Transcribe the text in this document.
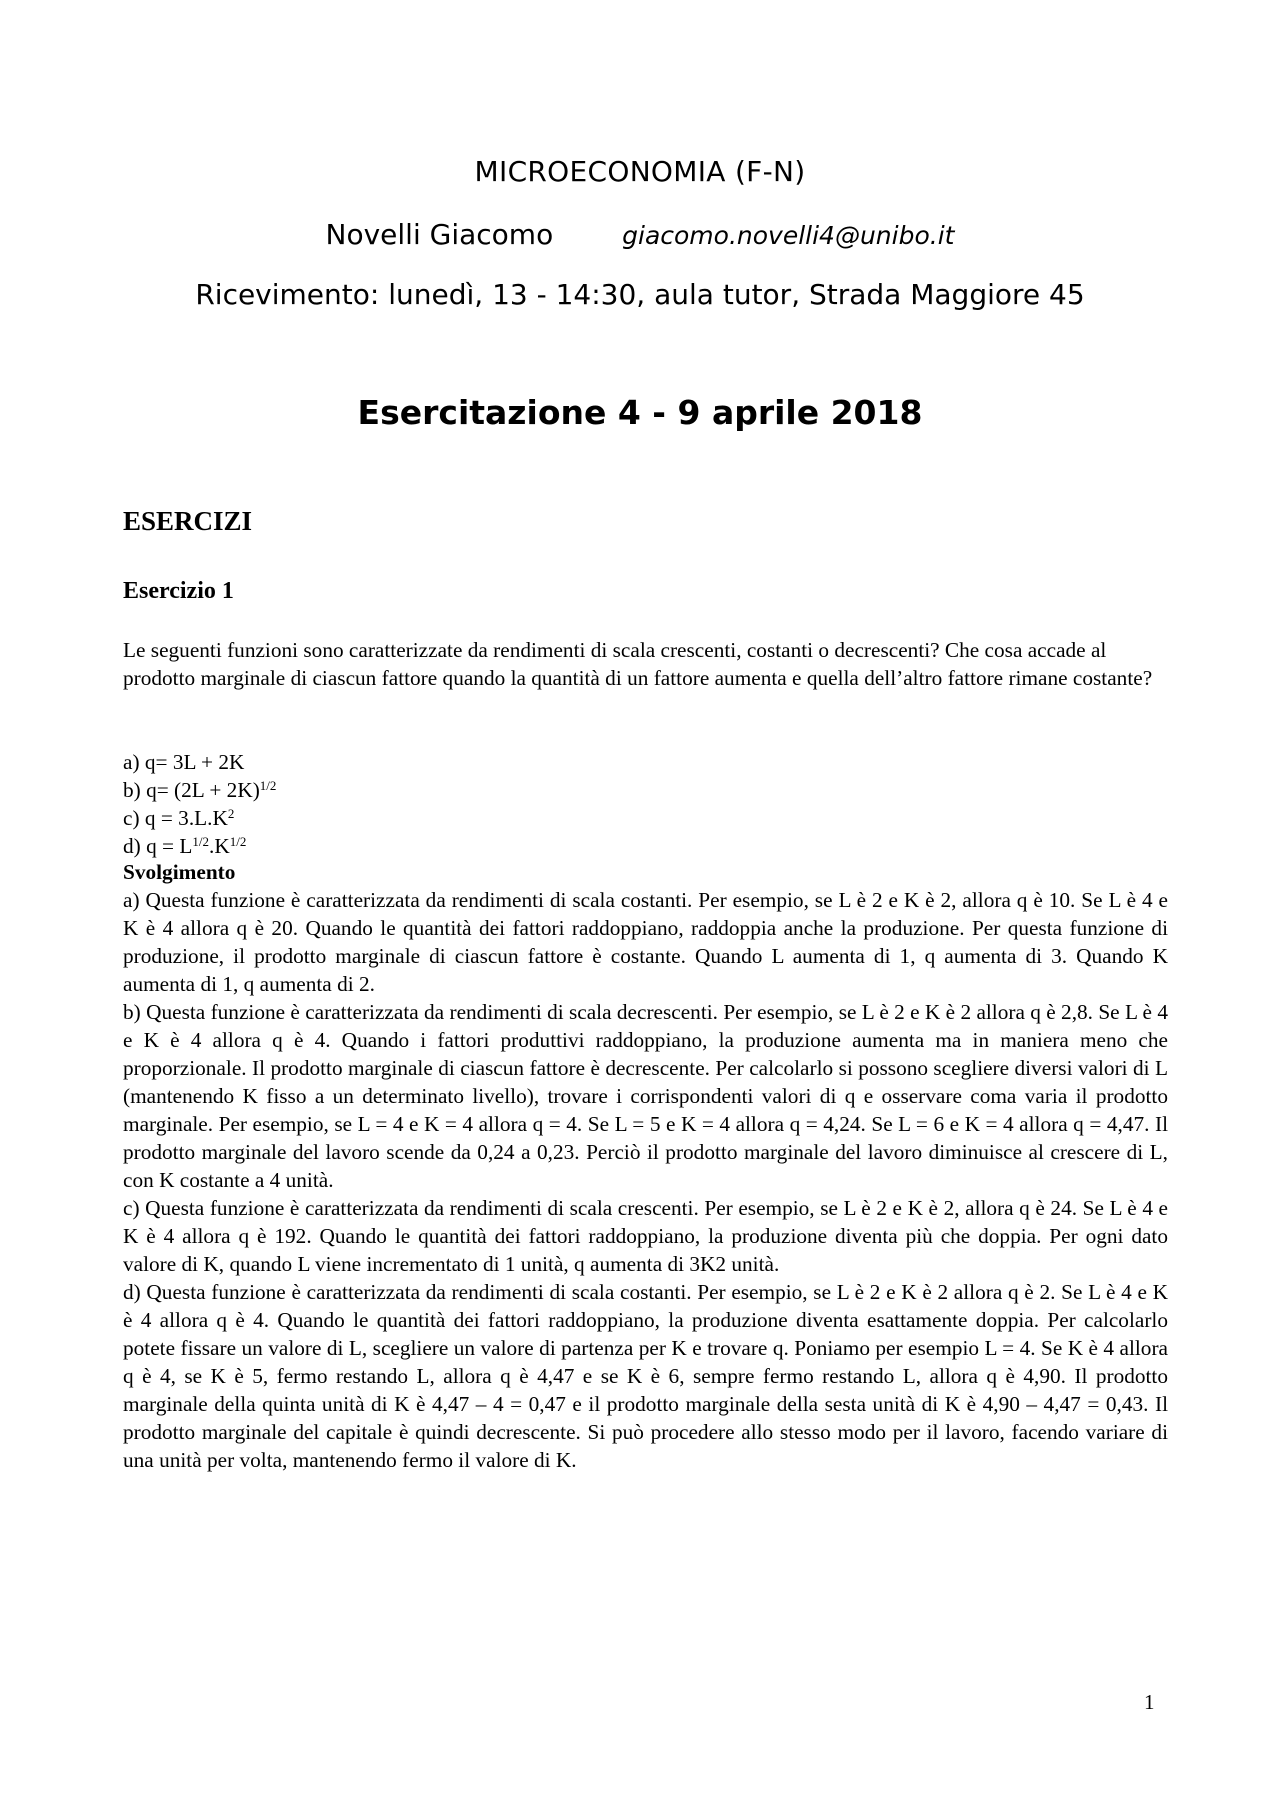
MICROECONOMIA (F-N)
Novelli Giacomo	giacomo.novelli4@unibo.it
Ricevimento: lunedì, 13 - 14:30, aula tutor, Strada Maggiore 45
Esercitazione 4 - 9 aprile 2018
ESERCIZI
Esercizio 1

Le seguenti funzioni sono caratterizzate da rendimenti di scala crescenti, costanti o decrescenti? Che cosa accade al prodotto marginale di ciascun fattore quando la quantità di un fattore aumenta e quella dell’altro fattore rimane costante?

a) q= 3L + 2K

b) $q= (2L + 2K)^{1/2}$

c) $q = 3.L.K^2$

d) $q = L^{1/2}.K^{1/2}$

Svolgimento

a) Questa funzione è caratterizzata da rendimenti di scala costanti. Per esempio, se L è 2 e K è 2, allora q è 10. Se L è 4 e K è 4 allora q è 20. Quando le quantità dei fattori raddoppiano, raddoppia anche la produzione. Per questa funzione di produzione, il prodotto marginale di ciascun fattore è costante. Quando L aumenta di 1, q aumenta di 3. Quando K aumenta di 1, q aumenta di 2.

b) Questa funzione è caratterizzata da rendimenti di scala decrescenti. Per esempio, se L è 2 e K è 2 allora q è 2,8. Se L è 4 e K è 4 allora q è 4. Quando i fattori produttivi raddoppiano, la produzione aumenta ma in maniera meno che proporzionale. Il prodotto marginale di ciascun fattore è decrescente. Per calcolarlo si possono scegliere diversi valori di L (mantenendo K fisso a un determinato livello), trovare i corrispondenti valori di q e osservare coma varia il prodotto marginale. Per esempio, se L = 4 e K = 4 allora q = 4. Se L = 5 e K = 4 allora q = 4,24. Se L = 6 e K = 4 allora q = 4,47. Il prodotto marginale del lavoro scende da 0,24 a 0,23. Perciò il prodotto marginale del lavoro diminuisce al crescere di L, con K costante a 4 unità.

c) Questa funzione è caratterizzata da rendimenti di scala crescenti. Per esempio, se L è 2 e K è 2, allora q è 24. Se L è 4 e K è 4 allora q è 192. Quando le quantità dei fattori raddoppiano, la produzione diventa più che doppia. Per ogni dato valore di K, quando L viene incrementato di 1 unità, q aumenta di 3K2 unità.

d) Questa funzione è caratterizzata da rendimenti di scala costanti. Per esempio, se L è 2 e K è 2 allora q è 2. Se L è 4 e K è 4 allora q è 4. Quando le quantità dei fattori raddoppiano, la produzione diventa esattamente doppia. Per calcolarlo potete fissare un valore di L, scegliere un valore di partenza per K e trovare q. Poniamo per esempio L = 4. Se K è 4 allora q è 4, se K è 5, fermo restando L, allora q è 4,47 e se K è 6, sempre fermo restando L, allora q è 4,90. Il prodotto marginale della quinta unità di K è 4,47 – 4 = 0,47 e il prodotto marginale della sesta unità di K è 4,90 – 4,47 = 0,43. Il prodotto marginale del capitale è quindi decrescente. Si può procedere allo stesso modo per il lavoro, facendo variare di una unità per volta, mantenendo fermo il valore di K.

1
